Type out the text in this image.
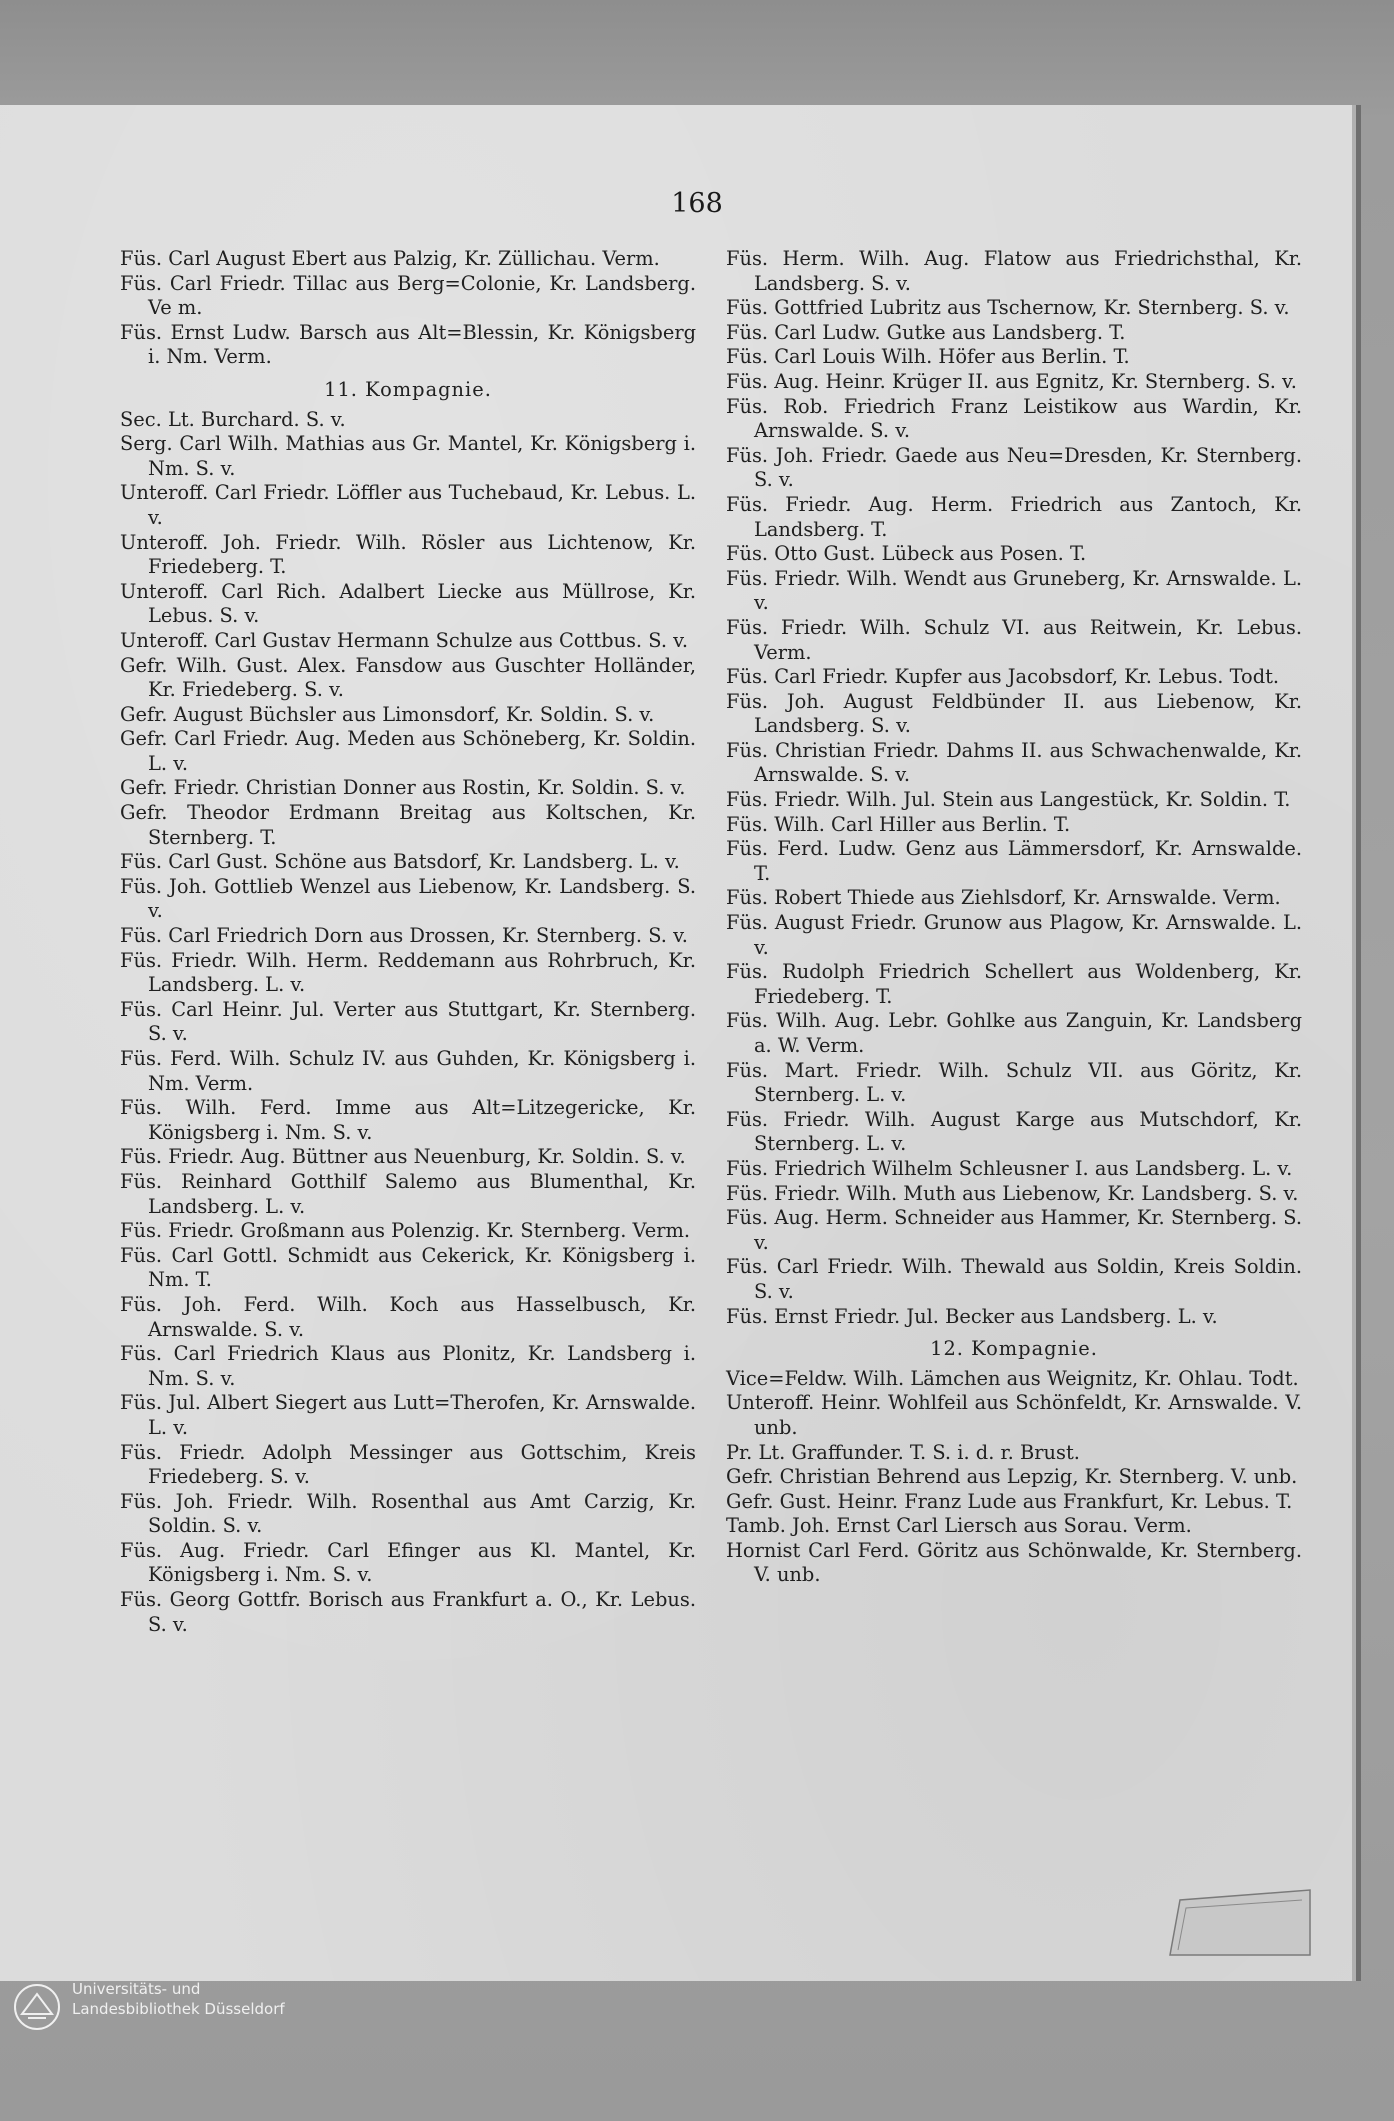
168

Füs. Carl August Ebert aus Palzig, Kr. Züllichau. Verm.

Füs. Carl Friedr. Tillac aus Berg=Colonie, Kr. Landsberg. Ve m.

Füs. Ernst Ludw. Barsch aus Alt=Blessin, Kr. Königsberg i. Nm. Verm.

11. Kompagnie.

Sec. Lt. Burchard. S. v.

Serg. Carl Wilh. Mathias aus Gr. Mantel, Kr. Königsberg i. Nm. S. v.

Unteroff. Carl Friedr. Löffler aus Tuchebaud, Kr. Lebus. L. v.

Unteroff. Joh. Friedr. Wilh. Rösler aus Lichtenow, Kr. Friedeberg. T.

Unteroff. Carl Rich. Adalbert Liecke aus Müllrose, Kr. Lebus. S. v.

Unteroff. Carl Gustav Hermann Schulze aus Cottbus. S. v.

Gefr. Wilh. Gust. Alex. Fansdow aus Guschter Holländer, Kr. Friedeberg. S. v.

Gefr. August Büchsler aus Limonsdorf, Kr. Soldin. S. v.

Gefr. Carl Friedr. Aug. Meden aus Schöneberg, Kr. Soldin. L. v.

Gefr. Friedr. Christian Donner aus Rostin, Kr. Soldin. S. v.

Gefr. Theodor Erdmann Breitag aus Koltschen, Kr. Sternberg. T.

Füs. Carl Gust. Schöne aus Batsdorf, Kr. Landsberg. L. v.

Füs. Joh. Gottlieb Wenzel aus Liebenow, Kr. Landsberg. S. v.

Füs. Carl Friedrich Dorn aus Drossen, Kr. Sternberg. S. v.

Füs. Friedr. Wilh. Herm. Reddemann aus Rohrbruch, Kr. Landsberg. L. v.

Füs. Carl Heinr. Jul. Verter aus Stuttgart, Kr. Sternberg. S. v.

Füs. Ferd. Wilh. Schulz IV. aus Guhden, Kr. Königsberg i. Nm. Verm.

Füs. Wilh. Ferd. Imme aus Alt=Litzegericke, Kr. Königsberg i. Nm. S. v.

Füs. Friedr. Aug. Büttner aus Neuenburg, Kr. Soldin. S. v.

Füs. Reinhard Gotthilf Salemo aus Blumenthal, Kr. Landsberg. L. v.

Füs. Friedr. Großmann aus Polenzig. Kr. Sternberg. Verm.

Füs. Carl Gottl. Schmidt aus Cekerick, Kr. Königsberg i. Nm. T.

Füs. Joh. Ferd. Wilh. Koch aus Hasselbusch, Kr. Arnswalde. S. v.

Füs. Carl Friedrich Klaus aus Plonitz, Kr. Landsberg i. Nm. S. v.

Füs. Jul. Albert Siegert aus Lutt=Therofen, Kr. Arnswalde. L. v.

Füs. Friedr. Adolph Messinger aus Gottschim, Kreis Friedeberg. S. v.

Füs. Joh. Friedr. Wilh. Rosenthal aus Amt Carzig, Kr. Soldin. S. v.

Füs. Aug. Friedr. Carl Efinger aus Kl. Mantel, Kr. Königsberg i. Nm. S. v.

Füs. Georg Gottfr. Borisch aus Frankfurt a. O., Kr. Lebus. S. v.

Füs. Herm. Wilh. Aug. Flatow aus Friedrichsthal, Kr. Landsberg. S. v.

Füs. Gottfried Lubritz aus Tschernow, Kr. Sternberg. S. v.

Füs. Carl Ludw. Gutke aus Landsberg. T.

Füs. Carl Louis Wilh. Höfer aus Berlin. T.

Füs. Aug. Heinr. Krüger II. aus Egnitz, Kr. Sternberg. S. v.

Füs. Rob. Friedrich Franz Leistikow aus Wardin, Kr. Arnswalde. S. v.

Füs. Joh. Friedr. Gaede aus Neu=Dresden, Kr. Sternberg. S. v.

Füs. Friedr. Aug. Herm. Friedrich aus Zantoch, Kr. Landsberg. T.

Füs. Otto Gust. Lübeck aus Posen. T.

Füs. Friedr. Wilh. Wendt aus Gruneberg, Kr. Arnswalde. L. v.

Füs. Friedr. Wilh. Schulz VI. aus Reitwein, Kr. Lebus. Verm.

Füs. Carl Friedr. Kupfer aus Jacobsdorf, Kr. Lebus. Todt.

Füs. Joh. August Feldbünder II. aus Liebenow, Kr. Landsberg. S. v.

Füs. Christian Friedr. Dahms II. aus Schwachenwalde, Kr. Arnswalde. S. v.

Füs. Friedr. Wilh. Jul. Stein aus Langestück, Kr. Soldin. T.

Füs. Wilh. Carl Hiller aus Berlin. T.

Füs. Ferd. Ludw. Genz aus Lämmersdorf, Kr. Arnswalde. T.

Füs. Robert Thiede aus Ziehlsdorf, Kr. Arnswalde. Verm.

Füs. August Friedr. Grunow aus Plagow, Kr. Arnswalde. L. v.

Füs. Rudolph Friedrich Schellert aus Woldenberg, Kr. Friedeberg. T.

Füs. Wilh. Aug. Lebr. Gohlke aus Zanguin, Kr. Landsberg a. W. Verm.

Füs. Mart. Friedr. Wilh. Schulz VII. aus Göritz, Kr. Sternberg. L. v.

Füs. Friedr. Wilh. August Karge aus Mutschdorf, Kr. Sternberg. L. v.

Füs. Friedrich Wilhelm Schleusner I. aus Landsberg. L. v.

Füs. Friedr. Wilh. Muth aus Liebenow, Kr. Landsberg. S. v.

Füs. Aug. Herm. Schneider aus Hammer, Kr. Sternberg. S. v.

Füs. Carl Friedr. Wilh. Thewald aus Soldin, Kreis Soldin. S. v.

Füs. Ernst Friedr. Jul. Becker aus Landsberg. L. v.

12. Kompagnie.

Vice=Feldw. Wilh. Lämchen aus Weignitz, Kr. Ohlau. Todt.

Unteroff. Heinr. Wohlfeil aus Schönfeldt, Kr. Arnswalde. V. unb.

Pr. Lt. Graffunder. T. S. i. d. r. Brust.

Gefr. Christian Behrend aus Lepzig, Kr. Sternberg. V. unb.

Gefr. Gust. Heinr. Franz Lude aus Frankfurt, Kr. Lebus. T.

Tamb. Joh. Ernst Carl Liersch aus Sorau. Verm.

Hornist Carl Ferd. Göritz aus Schönwalde, Kr. Sternberg. V. unb.

Universitäts- und
Landesbibliothek Düsseldorf
